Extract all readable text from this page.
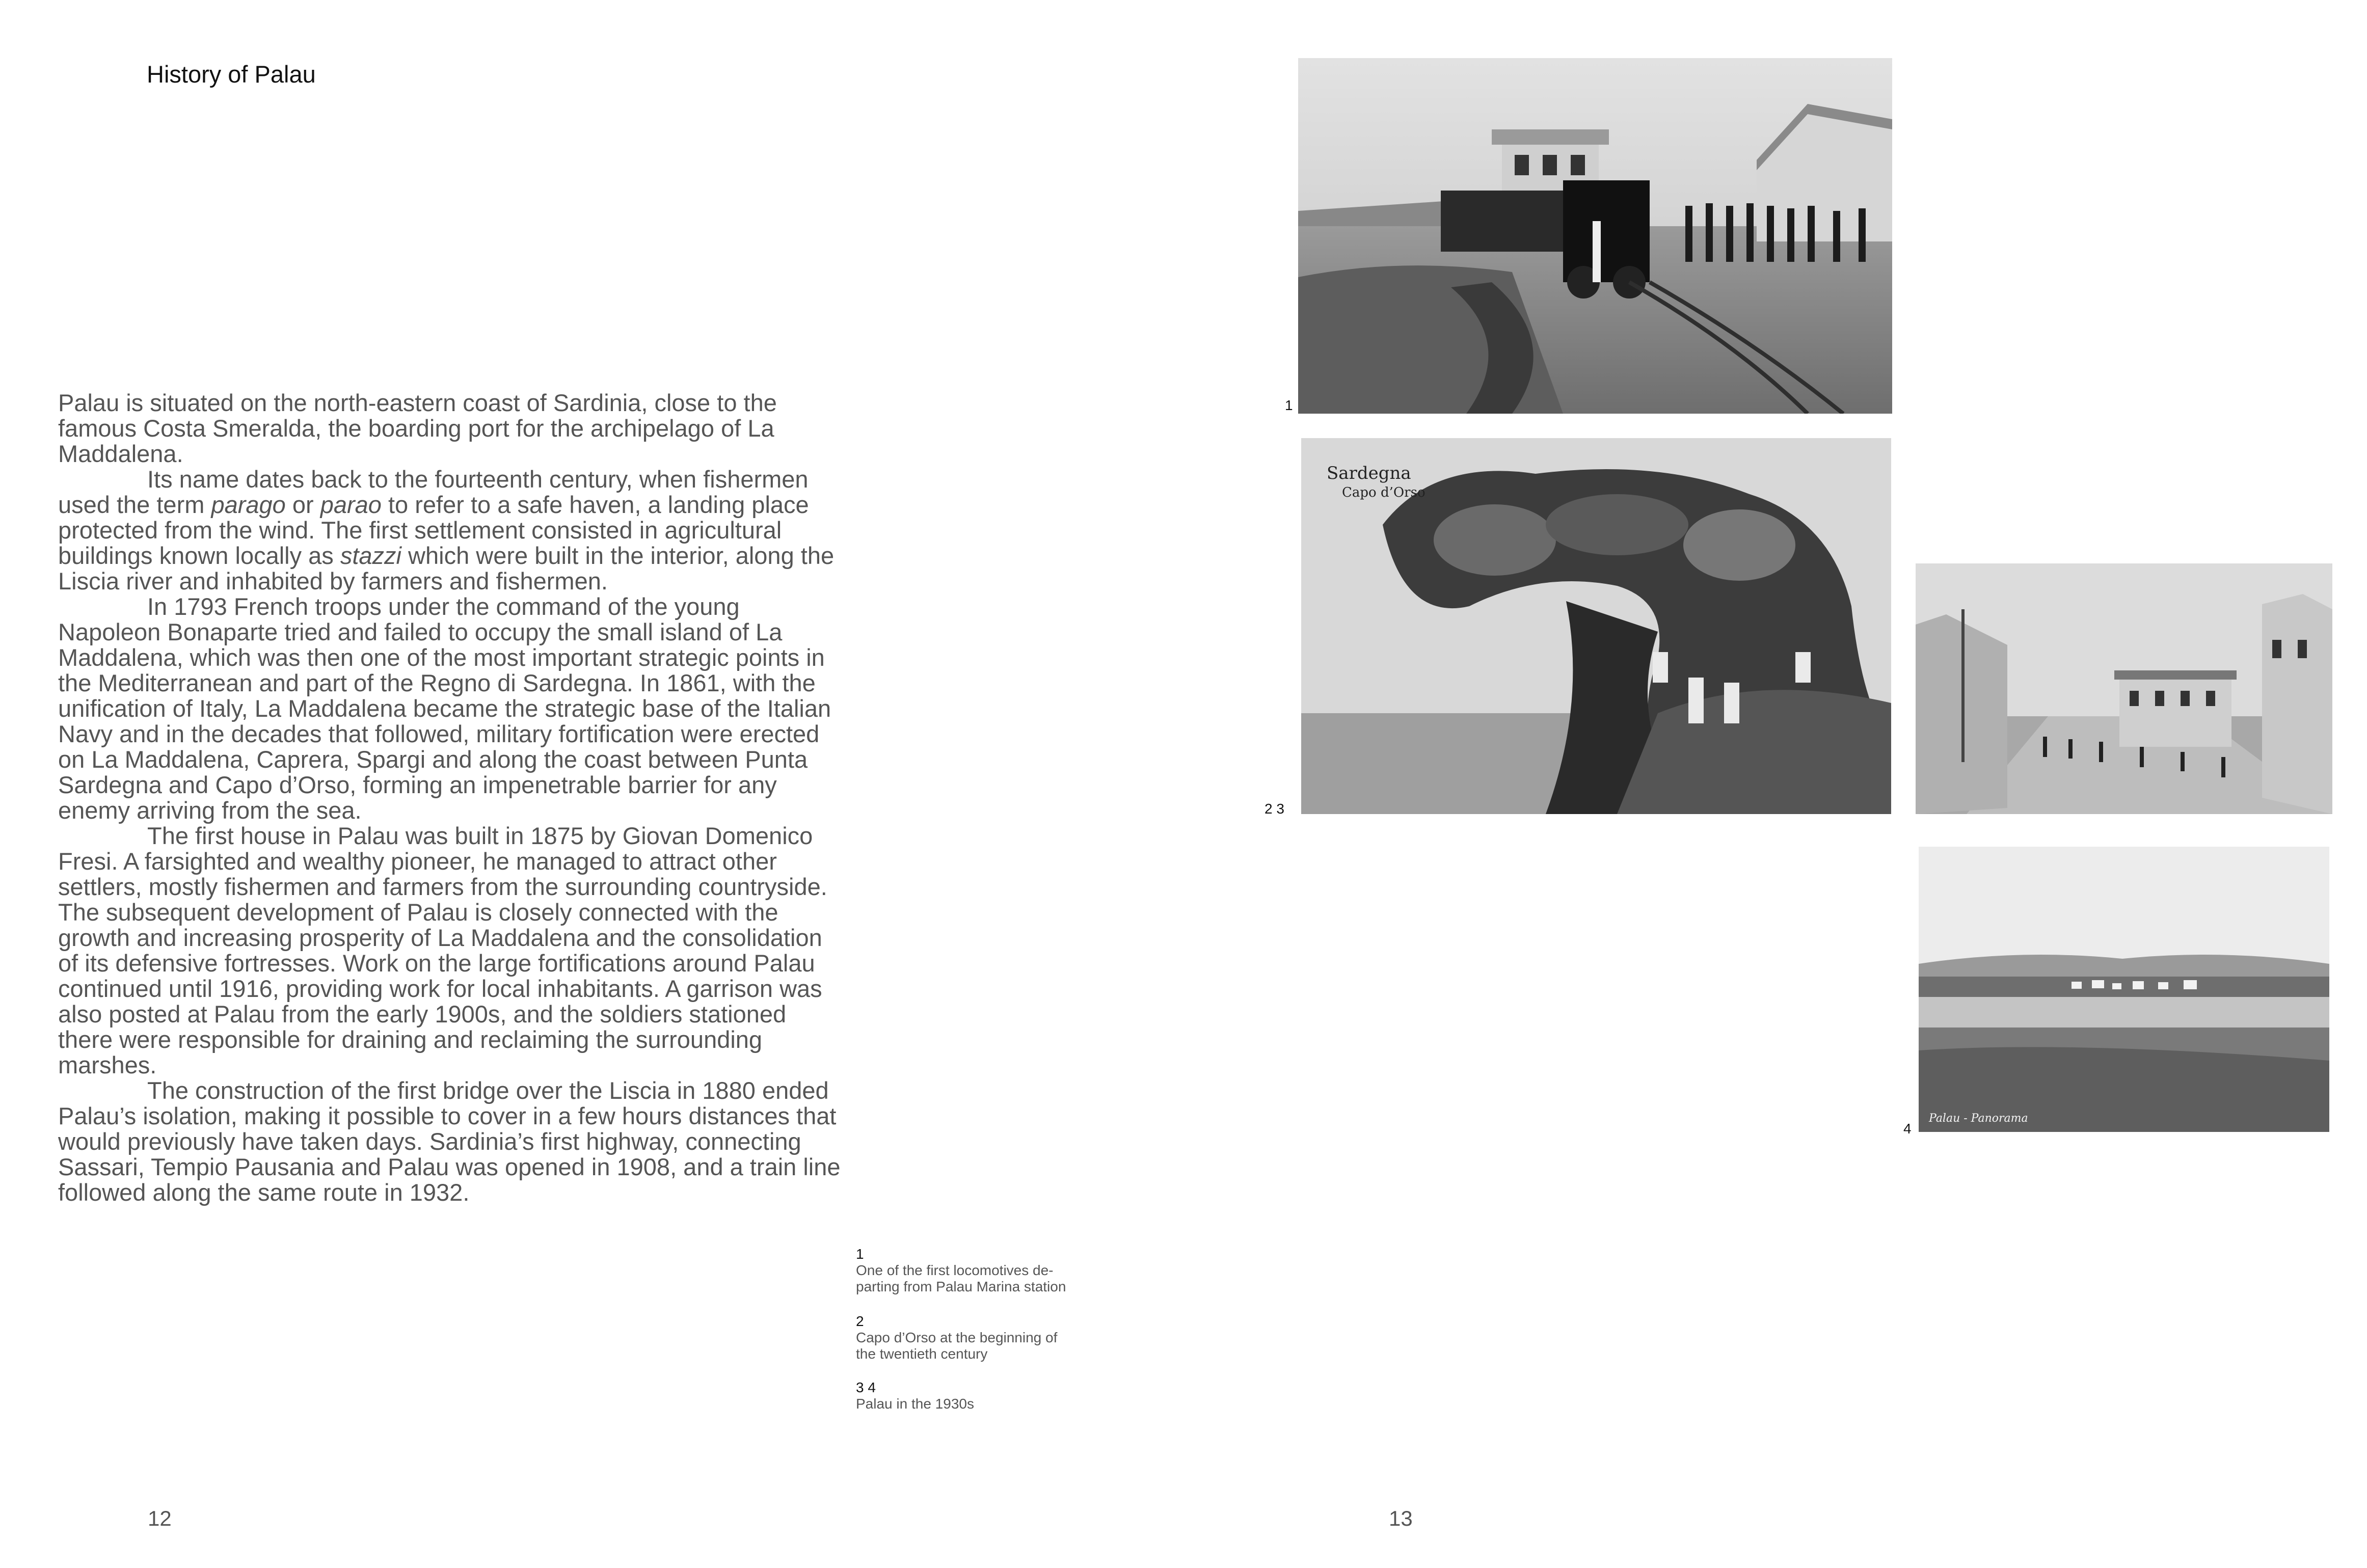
History of Palau

Palau is situated on the north-eastern coast of Sardinia, close to the famous Costa Smeralda, the boarding port for the archipelago of La Maddalena.

Its name dates back to the fourteenth century, when fishermen used the term parago or parao to refer to a safe haven, a landing place protected from the wind. The first settlement consisted in agricultural buildings known locally as stazzi which were built in the interior, along the Liscia river and inhabited by farmers and fishermen.

In 1793 French troops under the command of the young Napoleon Bonaparte tried and failed to occupy the small island of La Maddalena, which was then one of the most important strategic points in the Mediterranean and part of the Regno di Sardegna. In 1861, with the unification of Italy, La Maddalena became the strategic base of the Italian Navy and in the decades that followed, military fortification were erected on La Maddalena, Caprera, Spargi and along the coast between Punta Sardegna and Capo d’Orso, forming an impenetrable barrier for any enemy arriving from the sea.

The first house in Palau was built in 1875 by Giovan Domenico Fresi. A farsighted and wealthy pioneer, he managed to attract other settlers, mostly fishermen and farmers from the surrounding countryside. The subsequent development of Palau is closely connected with the growth and increasing prosperity of La Maddalena and the consolidation of its defensive fortresses. Work on the large fortifications around Palau continued until 1916, providing work for local inhabitants. A garrison was also posted at Palau from the early 1900s, and the soldiers stationed there were responsible for draining and reclaiming the surrounding marshes.

The construction of the first bridge over the Liscia in 1880 ended Palau’s isolation, making it possible to cover in a few hours distances that would previously have taken days. Sardinia’s first highway, connecting Sassari, Tempio Pausania and Palau was opened in 1908, and a train line followed along the same route in 1932.

1
Sardegna
Capo d’Orso
2 3
Palau - Panorama
4
1
One of the first locomotives de-
parting from Palau Marina station
2
Capo d’Orso at the beginning of
the twentieth century
3 4
Palau in the 1930s
12	13
